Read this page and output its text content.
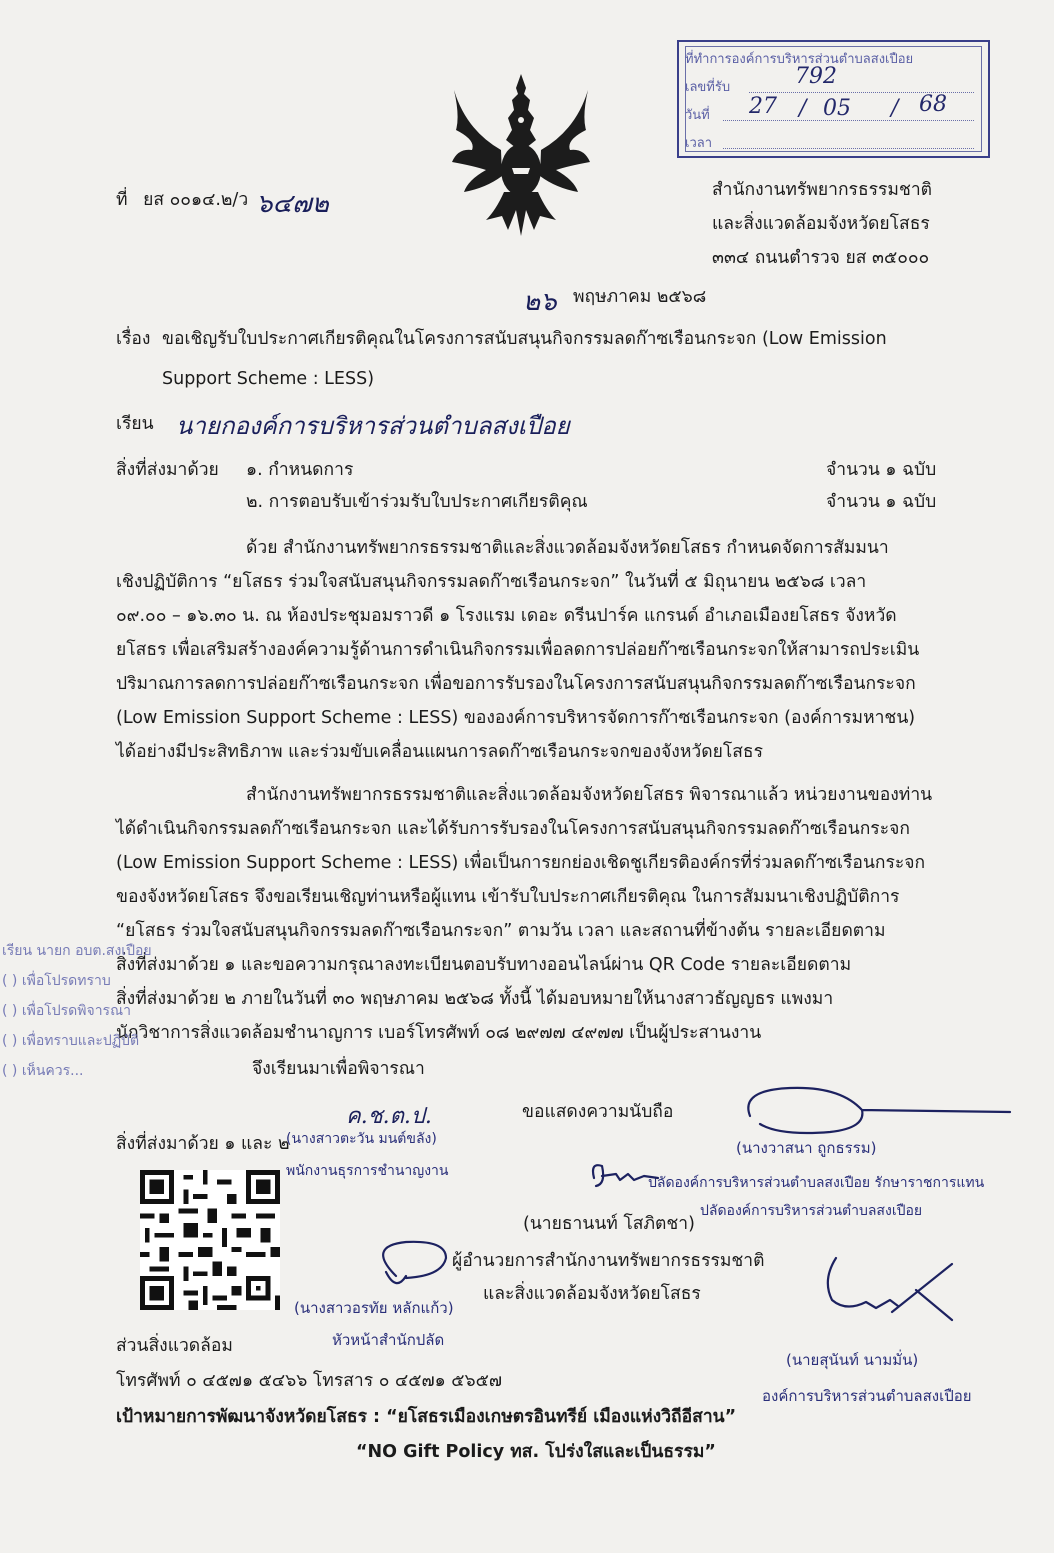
ที่ทำการองค์การบริหารส่วนตำบลสงเปือย
เลขที่รับ	792
วันที่ 27 / 05 / 68
เวลา
ที่ ยส ๐๐๑๔.๒/ว ๖๔๗๒	สำนักงานทรัพยากรธรรมชาติ
และสิ่งแวดล้อมจังหวัดยโสธร
๓๓๔ ถนนตำรวจ ยส ๓๕๐๐๐
๒๖ พฤษภาคม ๒๕๖๘
เรื่อง ขอเชิญรับใบประกาศเกียรติคุณในโครงการสนับสนุนกิจกรรมลดก๊าซเรือนกระจก (Low Emission
Support Scheme : LESS)
เรียน นายกองค์การบริหารส่วนตำบลสงเปือย
สิ่งที่ส่งมาด้วย ๑. กำหนดการ	จำนวน ๑ ฉบับ
๒. การตอบรับเข้าร่วมรับใบประกาศเกียรติคุณ	จำนวน ๑ ฉบับ
ด้วย สำนักงานทรัพยากรธรรมชาติและสิ่งแวดล้อมจังหวัดยโสธร กำหนดจัดการสัมมนา
เชิงปฏิบัติการ “ยโสธร ร่วมใจสนับสนุนกิจกรรมลดก๊าซเรือนกระจก” ในวันที่ ๕ มิถุนายน ๒๕๖๘ เวลา
๐๙.๐๐ – ๑๖.๓๐ น. ณ ห้องประชุมอมราวดี ๑ โรงแรม เดอะ ดรีนปาร์ค แกรนด์ อำเภอเมืองยโสธร จังหวัด
ยโสธร เพื่อเสริมสร้างองค์ความรู้ด้านการดำเนินกิจกรรมเพื่อลดการปล่อยก๊าซเรือนกระจกให้สามารถประเมิน
ปริมาณการลดการปล่อยก๊าซเรือนกระจก เพื่อขอการรับรองในโครงการสนับสนุนกิจกรรมลดก๊าซเรือนกระจก
(Low Emission Support Scheme : LESS) ขององค์การบริหารจัดการก๊าซเรือนกระจก (องค์การมหาชน)
ได้อย่างมีประสิทธิภาพ และร่วมขับเคลื่อนแผนการลดก๊าซเรือนกระจกของจังหวัดยโสธร
สำนักงานทรัพยากรธรรมชาติและสิ่งแวดล้อมจังหวัดยโสธร พิจารณาแล้ว หน่วยงานของท่าน
ได้ดำเนินกิจกรรมลดก๊าซเรือนกระจก และได้รับการรับรองในโครงการสนับสนุนกิจกรรมลดก๊าซเรือนกระจก
(Low Emission Support Scheme : LESS) เพื่อเป็นการยกย่องเชิดชูเกียรติองค์กรที่ร่วมลดก๊าซเรือนกระจก
ของจังหวัดยโสธร จึงขอเรียนเชิญท่านหรือผู้แทน เข้ารับใบประกาศเกียรติคุณ ในการสัมมนาเชิงปฏิบัติการ
“ยโสธร ร่วมใจสนับสนุนกิจกรรมลดก๊าซเรือนกระจก” ตามวัน เวลา และสถานที่ข้างต้น รายละเอียดตาม
สิ่งที่ส่งมาด้วย ๑ และขอความกรุณาลงทะเบียนตอบรับทางออนไลน์ผ่าน QR Code รายละเอียดตาม
สิ่งที่ส่งมาด้วย ๒ ภายในวันที่ ๓๐ พฤษภาคม ๒๕๖๘ ทั้งนี้ ได้มอบหมายให้นางสาวธัญญธร แพงมา
นักวิชาการสิ่งแวดล้อมชำนาญการ เบอร์โทรศัพท์ ๐๘ ๒๙๗๗ ๔๙๗๗ เป็นผู้ประสานงาน
จึงเรียนมาเพื่อพิจารณา
เรียน นายก อบต.สงเปือย
( ) เพื่อโปรดทราบ
( ) เพื่อโปรดพิจารณา
( ) เพื่อทราบและปฏิบัติ
( ) เห็นควร...
ขอแสดงความนับถือ
(นางวาสนา ถูกธรรม)
ปลัดองค์การบริหารส่วนตำบลสงเปือย รักษาราชการแทน
ปลัดองค์การบริหารส่วนตำบลสงเปือย
(นายธานนท์ โสภิตชา)
ผู้อำนวยการสำนักงานทรัพยากรธรรมชาติ
และสิ่งแวดล้อมจังหวัดยโสธร
ค.ช.ต.ป.
สิ่งที่ส่งมาด้วย ๑ และ ๒
(นางสาวตะวัน มนต์ขลัง)
พนักงานธุรการชำนาญงาน
(นางสาวอรทัย หลักแก้ว)
หัวหน้าสำนักปลัด
(นายสุนันท์ นามมั่น)
องค์การบริหารส่วนตำบลสงเปือย
ส่วนสิ่งแวดล้อม
โทรศัพท์ ๐ ๔๕๗๑ ๕๔๖๖ โทรสาร ๐ ๔๕๗๑ ๕๖๕๗
เป้าหมายการพัฒนาจังหวัดยโสธร : “ยโสธรเมืองเกษตรอินทรีย์ เมืองแห่งวิถีอีสาน”
“NO Gift Policy ทส. โปร่งใสและเป็นธรรม”
